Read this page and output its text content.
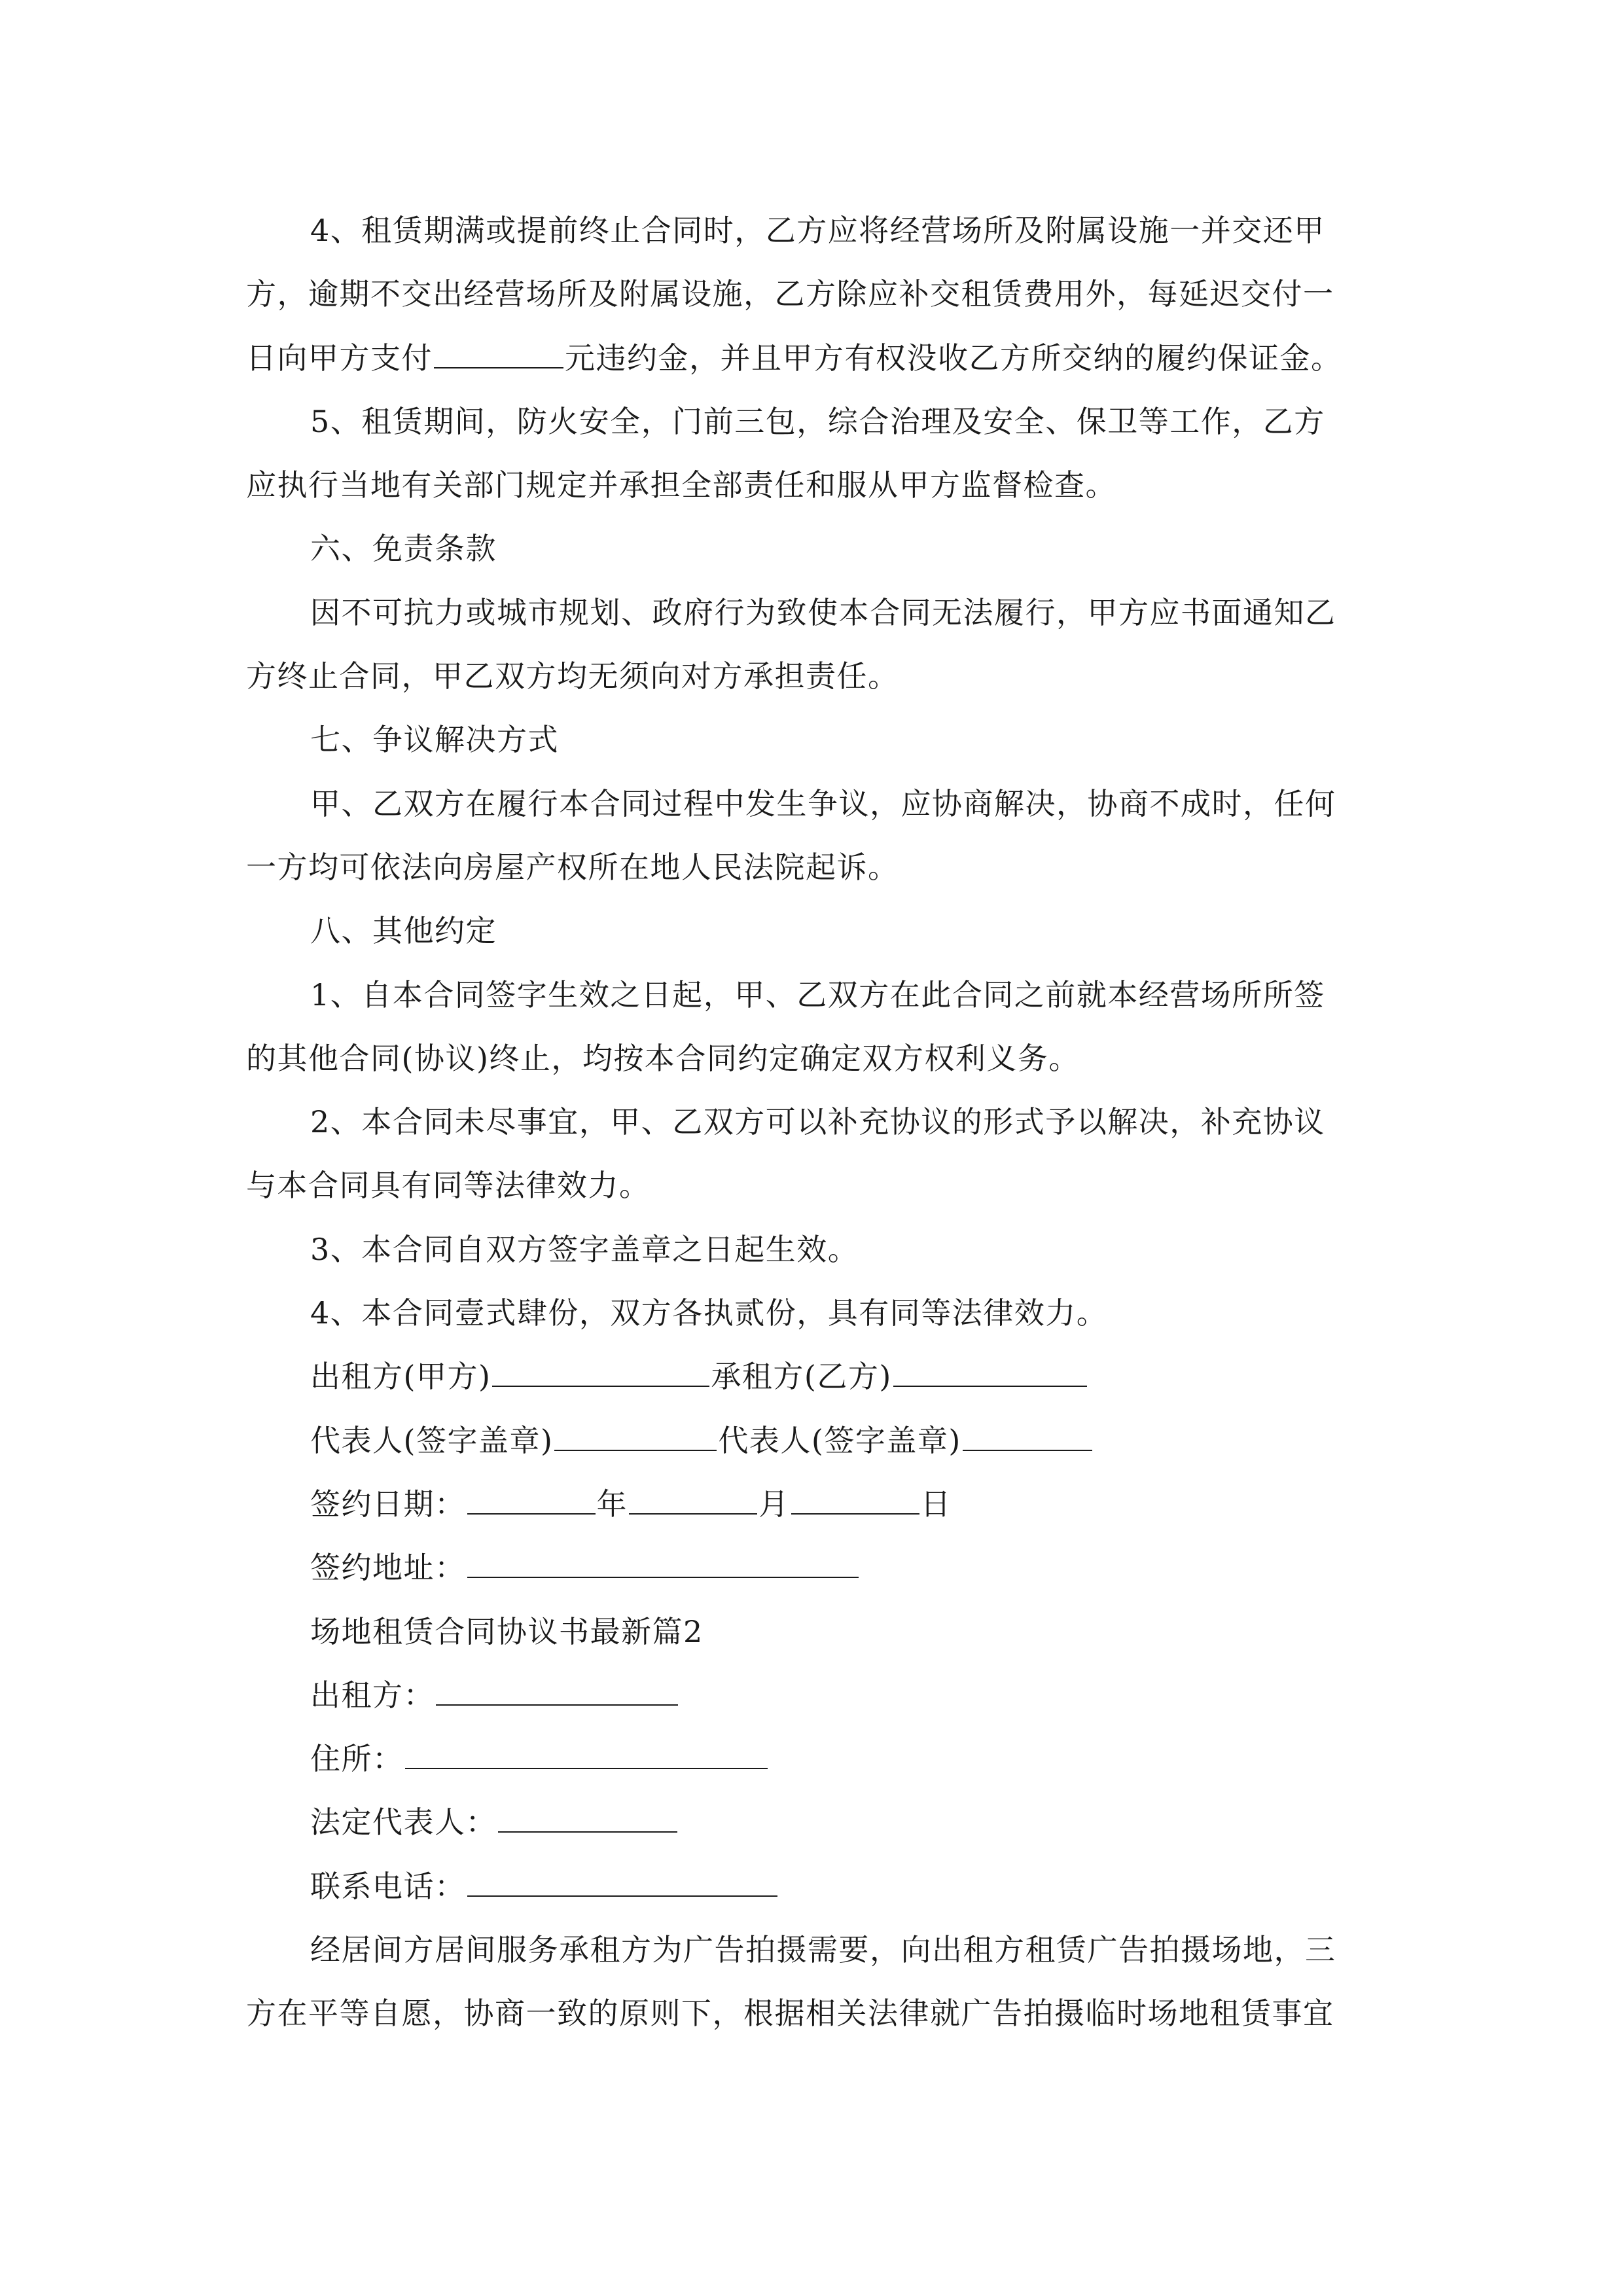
4、租赁期满或提前终止合同时，乙方应将经营场所及附属设施一并交还甲
方，逾期不交出经营场所及附属设施，乙方除应补交租赁费用外，每延迟交付一
日向甲方支付	元违约金，并且甲方有权没收乙方所交纳的履约保证金。
5、租赁期间，防火安全，门前三包，综合治理及安全、保卫等工作，乙方
应执行当地有关部门规定并承担全部责任和服从甲方监督检查。
六、免责条款
因不可抗力或城市规划、政府行为致使本合同无法履行，甲方应书面通知乙
方终止合同，甲乙双方均无须向对方承担责任。
七、争议解决方式
甲、乙双方在履行本合同过程中发生争议，应协商解决，协商不成时，任何
一方均可依法向房屋产权所在地人民法院起诉。
八、其他约定
1、自本合同签字生效之日起，甲、乙双方在此合同之前就本经营场所所签
的其他合同(协议)终止，均按本合同约定确定双方权利义务。
2、本合同未尽事宜，甲、乙双方可以补充协议的形式予以解决，补充协议
与本合同具有同等法律效力。
3、本合同自双方签字盖章之日起生效。
4、本合同壹式肆份，双方各执贰份，具有同等法律效力。
出租方(甲方)	承租方(乙方)
代表人(签字盖章)	代表人(签字盖章)
签约日期：	年	月	日
签约地址：
场地租赁合同协议书最新篇2
出租方：
住所：
法定代表人：
联系电话：
经居间方居间服务承租方为广告拍摄需要，向出租方租赁广告拍摄场地，三
方在平等自愿，协商一致的原则下，根据相关法律就广告拍摄临时场地租赁事宜
